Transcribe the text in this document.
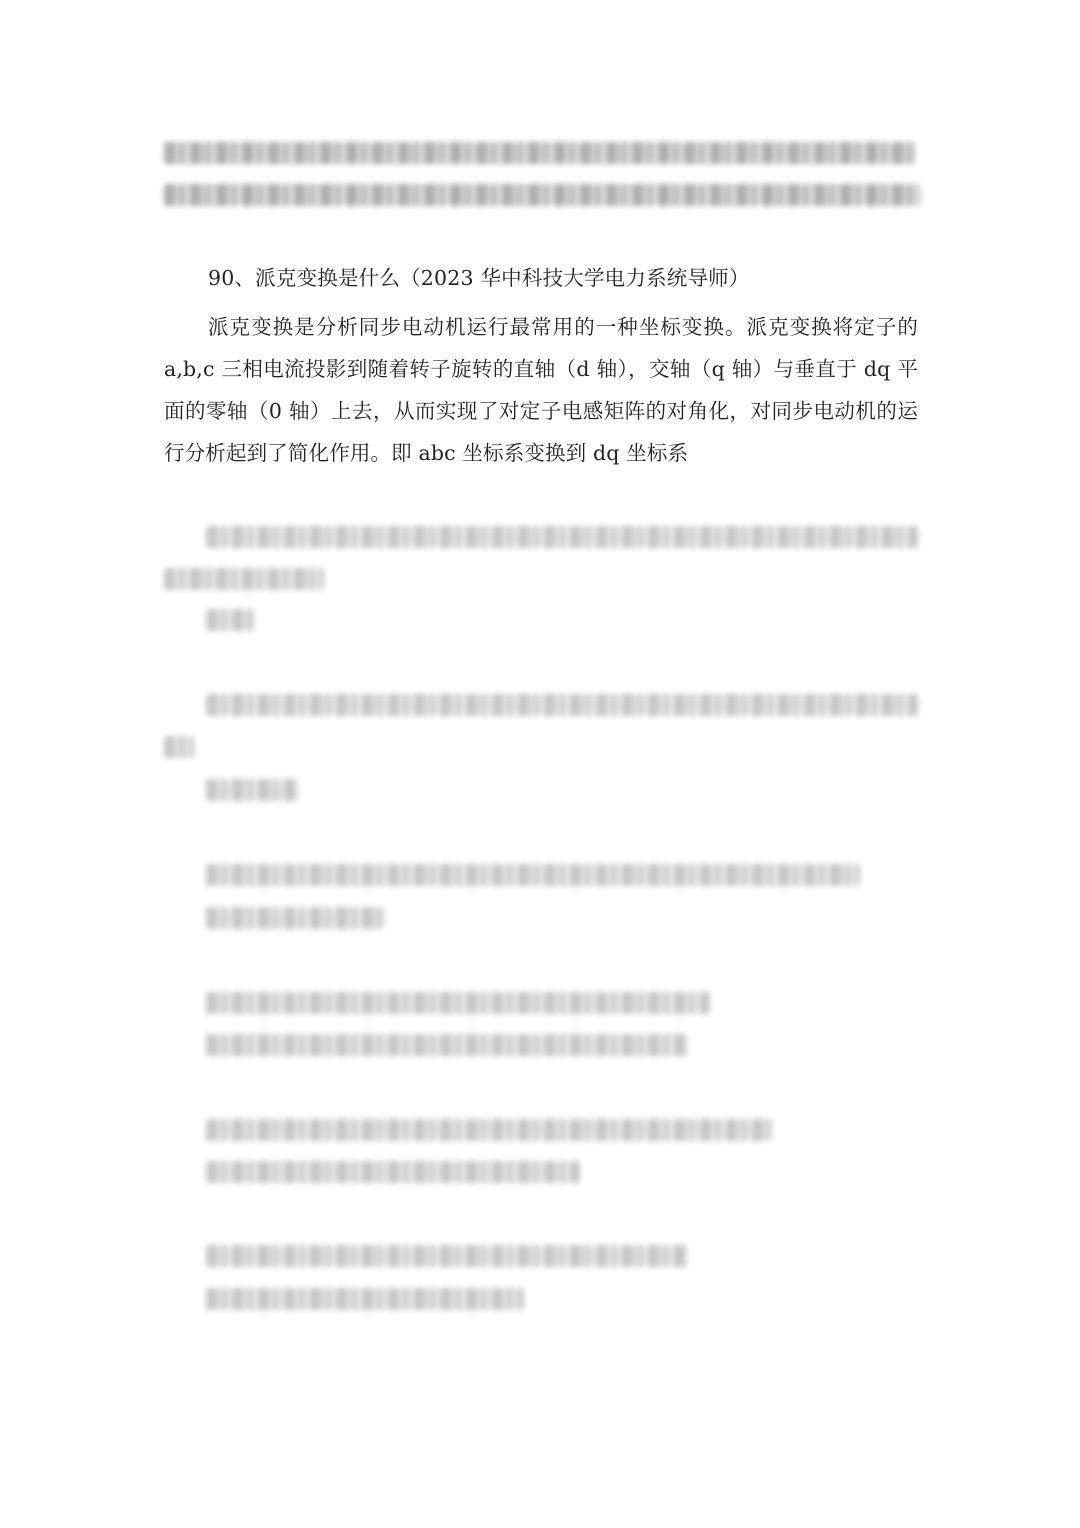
90、派克变换是什么（2023 华中科技大学电力系统导师）

派克变换是分析同步电动机运行最常用的一种坐标变换。派克变换将定子的 a,b,c 三相电流投影到随着转子旋转的直轴（d 轴），交轴（q 轴）与垂直于 dq 平面的零轴（0 轴）上去，从而实现了对定子电感矩阵的对角化，对同步电动机的运行分析起到了简化作用。即 abc 坐标系变换到 dq 坐标系
